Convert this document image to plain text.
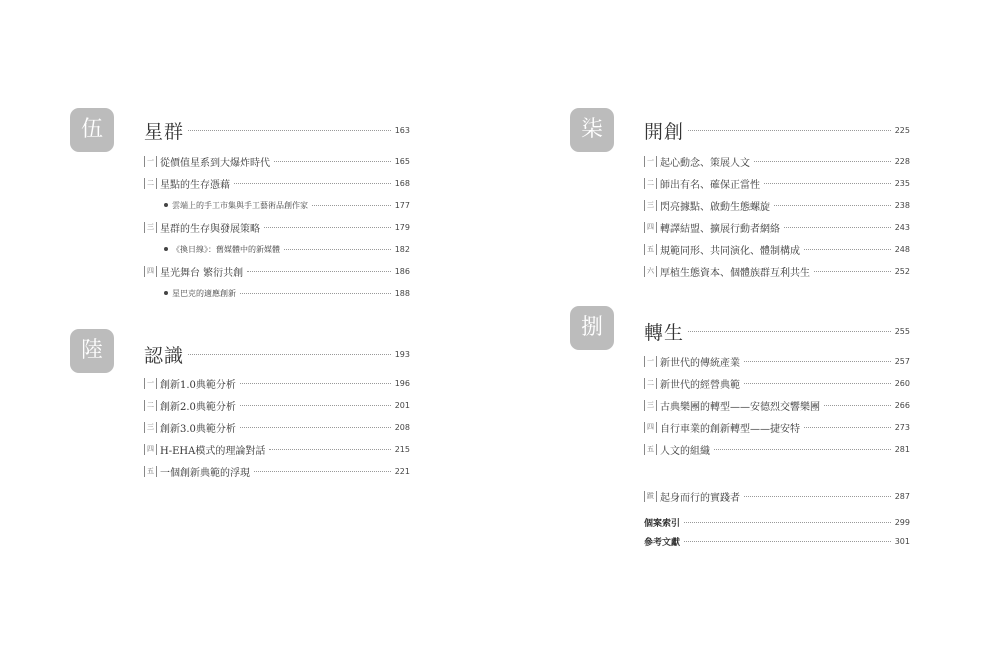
伍	星群	163
一 從價值星系到大爆炸時代	165
二 星點的生存憑藉	168
雲端上的手工市集與手工藝術品創作家	177
三 星群的生存與發展策略	179
《換日線》：舊媒體中的新媒體	182
四 星光舞台 繁衍共創	186
星巴克的適應創新	188
陸	認識	193
一 創新1.0典範分析	196
二 創新2.0典範分析	201
三 創新3.0典範分析	208
四 H-EHA模式的理論對話	215
五 一個創新典範的浮現	221
柒	開創	225
一 起心動念、策展人文	228
二 師出有名、確保正當性	235
三 閃亮據點、啟動生態螺旋	238
四 轉譯結盟、擴展行動者網絡	243
五 規範同形、共同演化、體制構成	248
六 厚植生態資本、個體族群互利共生	252
捌	轉生	255
一 新世代的傳統產業	257
二 新世代的經營典範	260
三 古典樂團的轉型——安德烈交響樂團	266
四 自行車業的創新轉型——捷安特	273
五 人文的組織	281
跋 起身而行的實踐者	287
個案索引	299
參考文獻	301
